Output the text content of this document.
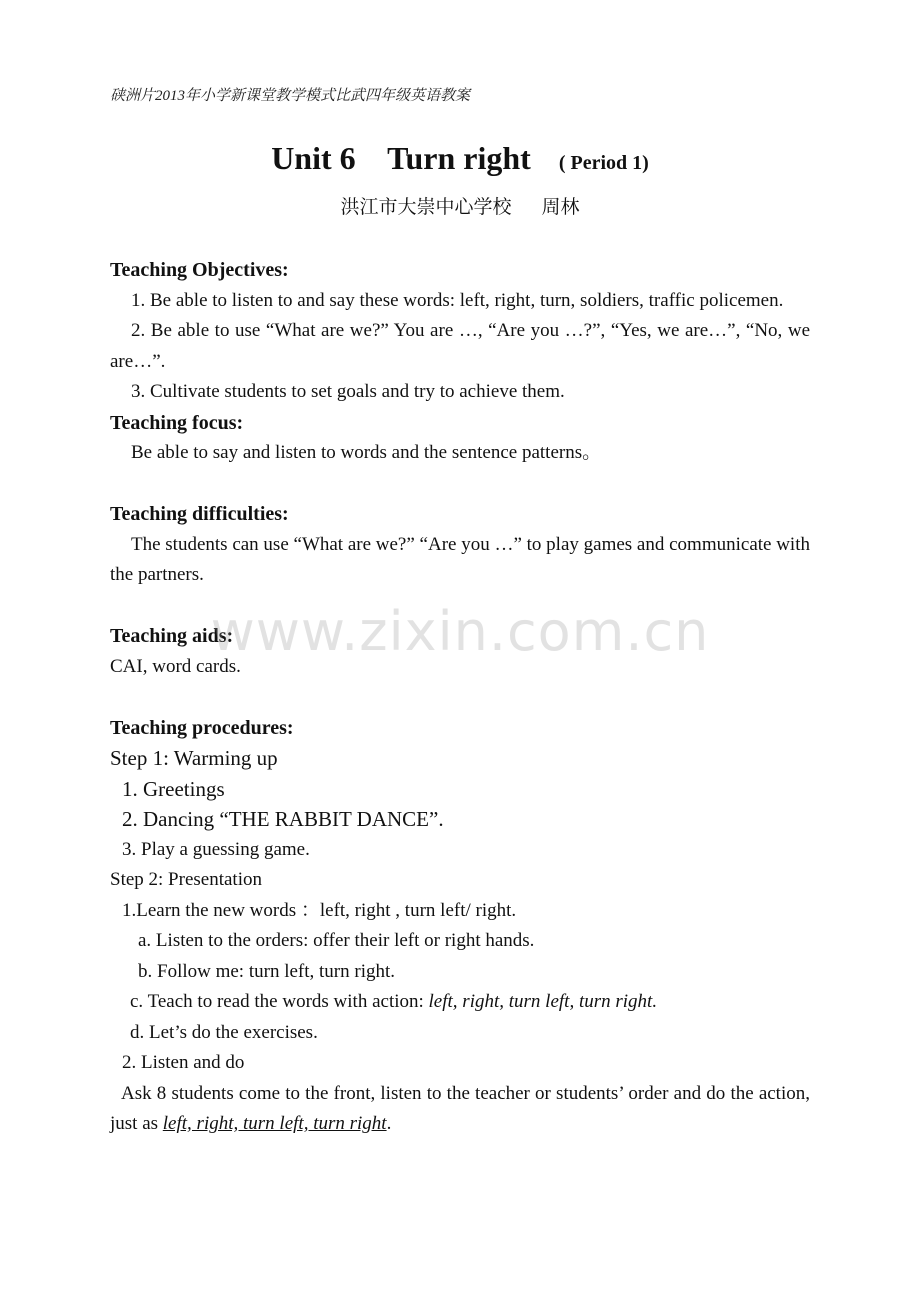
硖洲片2013年小学新课堂教学模式比武四年级英语教案
Unit 6    Turn right ( Period 1)
洪江市大崇中心学校 周林

Teaching Objectives:

1. Be able to listen to and say these words: left, right, turn, soldiers, traffic policemen.

2. Be able to use “What are we?” You are …, “Are you …?”, “Yes, we are…”, “No, we are…”.

3. Cultivate students to set goals and try to achieve them.

Teaching focus:

Be able to say and listen to words and the sentence patterns。

Teaching difficulties:

The students can use “What are we?” “Are you …” to play games and communicate with the partners.

Teaching aids:

CAI, word cards.

Teaching procedures:

Step 1: Warming up

1. Greetings

2. Dancing “THE RABBIT DANCE”.

3. Play a guessing game.

Step 2: Presentation

1.Learn the new words ：left, right , turn left/ right.

a. Listen to the orders: offer their left or right hands.

b. Follow me: turn left, turn right.

c. Teach to read the words with action: left, right, turn left, turn right.

d. Let’s do the exercises.

2. Listen and do

Ask 8 students come to the front, listen to the teacher or students’ order and do the action, just as left, right, turn left, turn right.

www.zixin.com.cn
